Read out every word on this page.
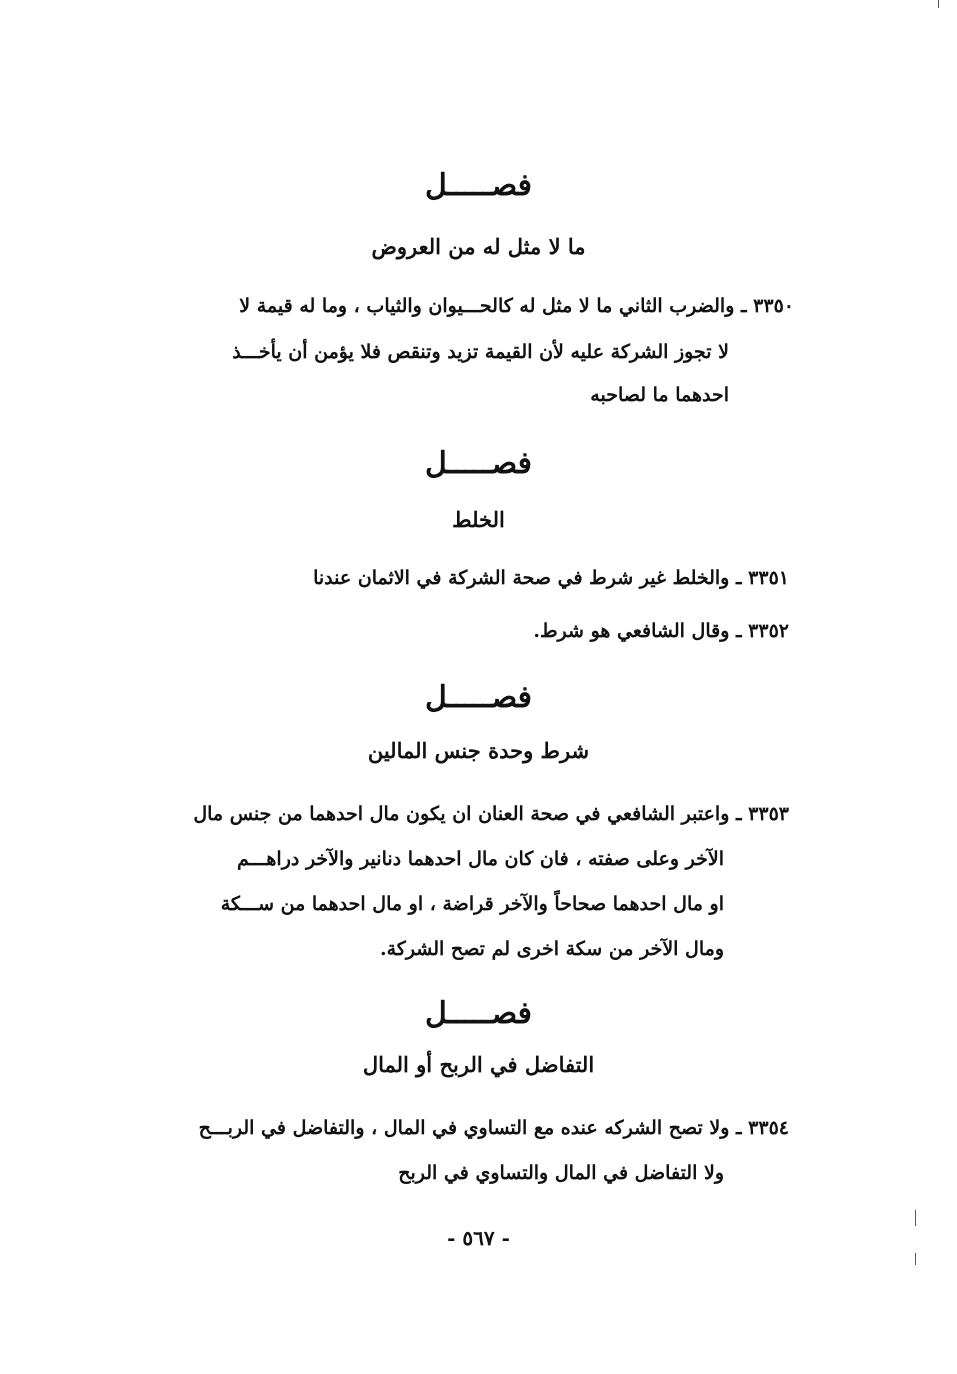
فصـــــل
ما لا مثل له من العروض
٣٣٥٠ ـ والضرب الثاني ما لا مثل له كالحـــيوان والثياب ، وما له قيمة لا
لا تجوز الشركة عليه لأن القيمة تزيد وتنقص فلا يؤمن أن يأخـــذ
احدهما ما لصاحبه
فصـــــل
الخلط
٣٣٥١ ـ والخلط غير شرط في صحة الشركة في الاثمان عندنا
٣٣٥٢ ـ وقال الشافعي هو شرط.
فصـــــل
شرط وحدة جنس المالين
٣٣٥٣ ـ واعتبر الشافعي في صحة العنان ان يكون مال احدهما من جنس مال
الآخر وعلى صفته ، فان كان مال احدهما دنانير والآخر دراهـــم
او مال احدهما صحاحاً والآخر قراضة ، او مال احدهما من ســـكة
ومال الآخر من سكة اخرى لم تصح الشركة.
فصـــــل
التفاضل في الربح أو المال
٣٣٥٤ ـ ولا تصح الشركه عنده مع التساوي في المال ، والتفاضل في الربـــح
ولا التفاضل في المال والتساوي في الربح
- ٥٦٧ -
